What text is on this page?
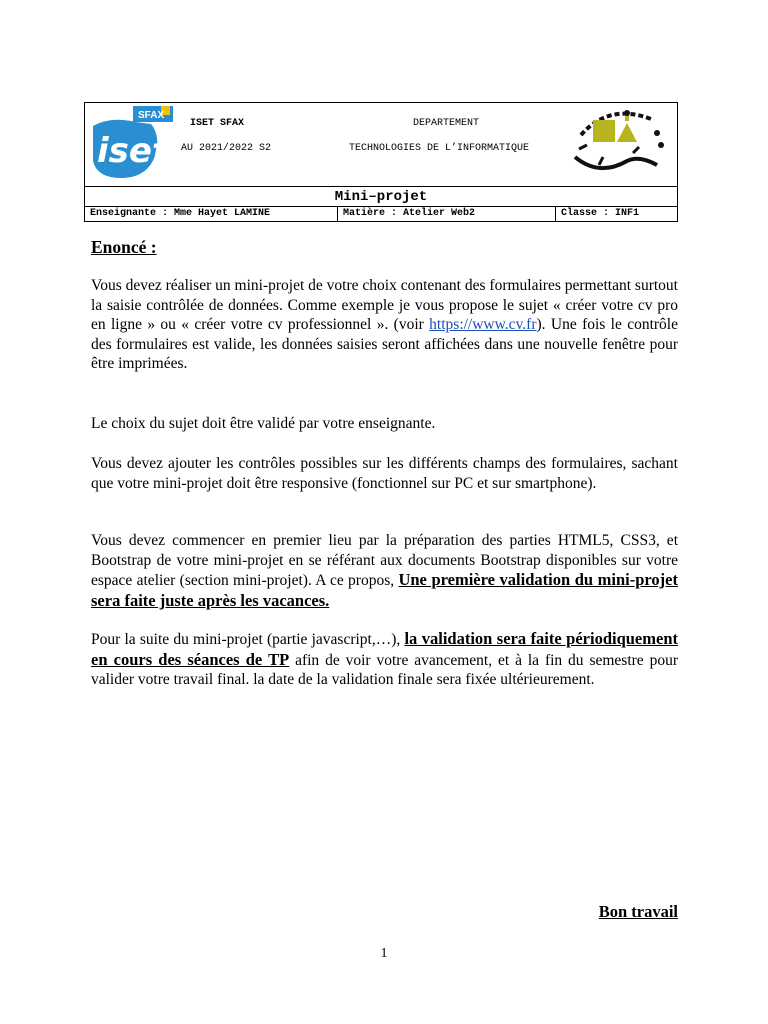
SFAX
iset
ISET SFAX
AU 2021/2022 S2
DEPARTEMENT
TECHNOLOGIES DE L’INFORMATIQUE
Mini–projet
Enseignante : Mme Hayet LAMINE	Matière : Atelier Web2	Classe : INF1
Enoncé :
Vous devez réaliser un mini-projet de votre choix contenant des formulaires permettant surtout la saisie contrôlée de données. Comme exemple je vous propose le sujet « créer votre cv pro en ligne » ou « créer votre cv professionnel ». (voir https://www.cv.fr). Une fois le contrôle des formulaires est valide, les données saisies seront affichées dans une nouvelle fenêtre pour être imprimées.
Le choix du sujet doit être validé par votre enseignante.
Vous devez ajouter les contrôles possibles sur les différents champs des formulaires, sachant que votre mini-projet doit être responsive (fonctionnel sur PC et sur smartphone).
Vous devez commencer en premier lieu par la préparation des parties HTML5, CSS3, et Bootstrap de votre mini-projet en se référant aux documents Bootstrap disponibles sur votre espace atelier (section mini-projet). A ce propos, Une première validation du mini-projet sera faite juste après les vacances.
Pour la suite du mini-projet (partie javascript,…), la validation sera faite périodiquement en cours des séances de TP afin de voir votre avancement, et à la fin du semestre pour valider votre travail final. la date de la validation finale sera fixée ultérieurement.
Bon travail
1
